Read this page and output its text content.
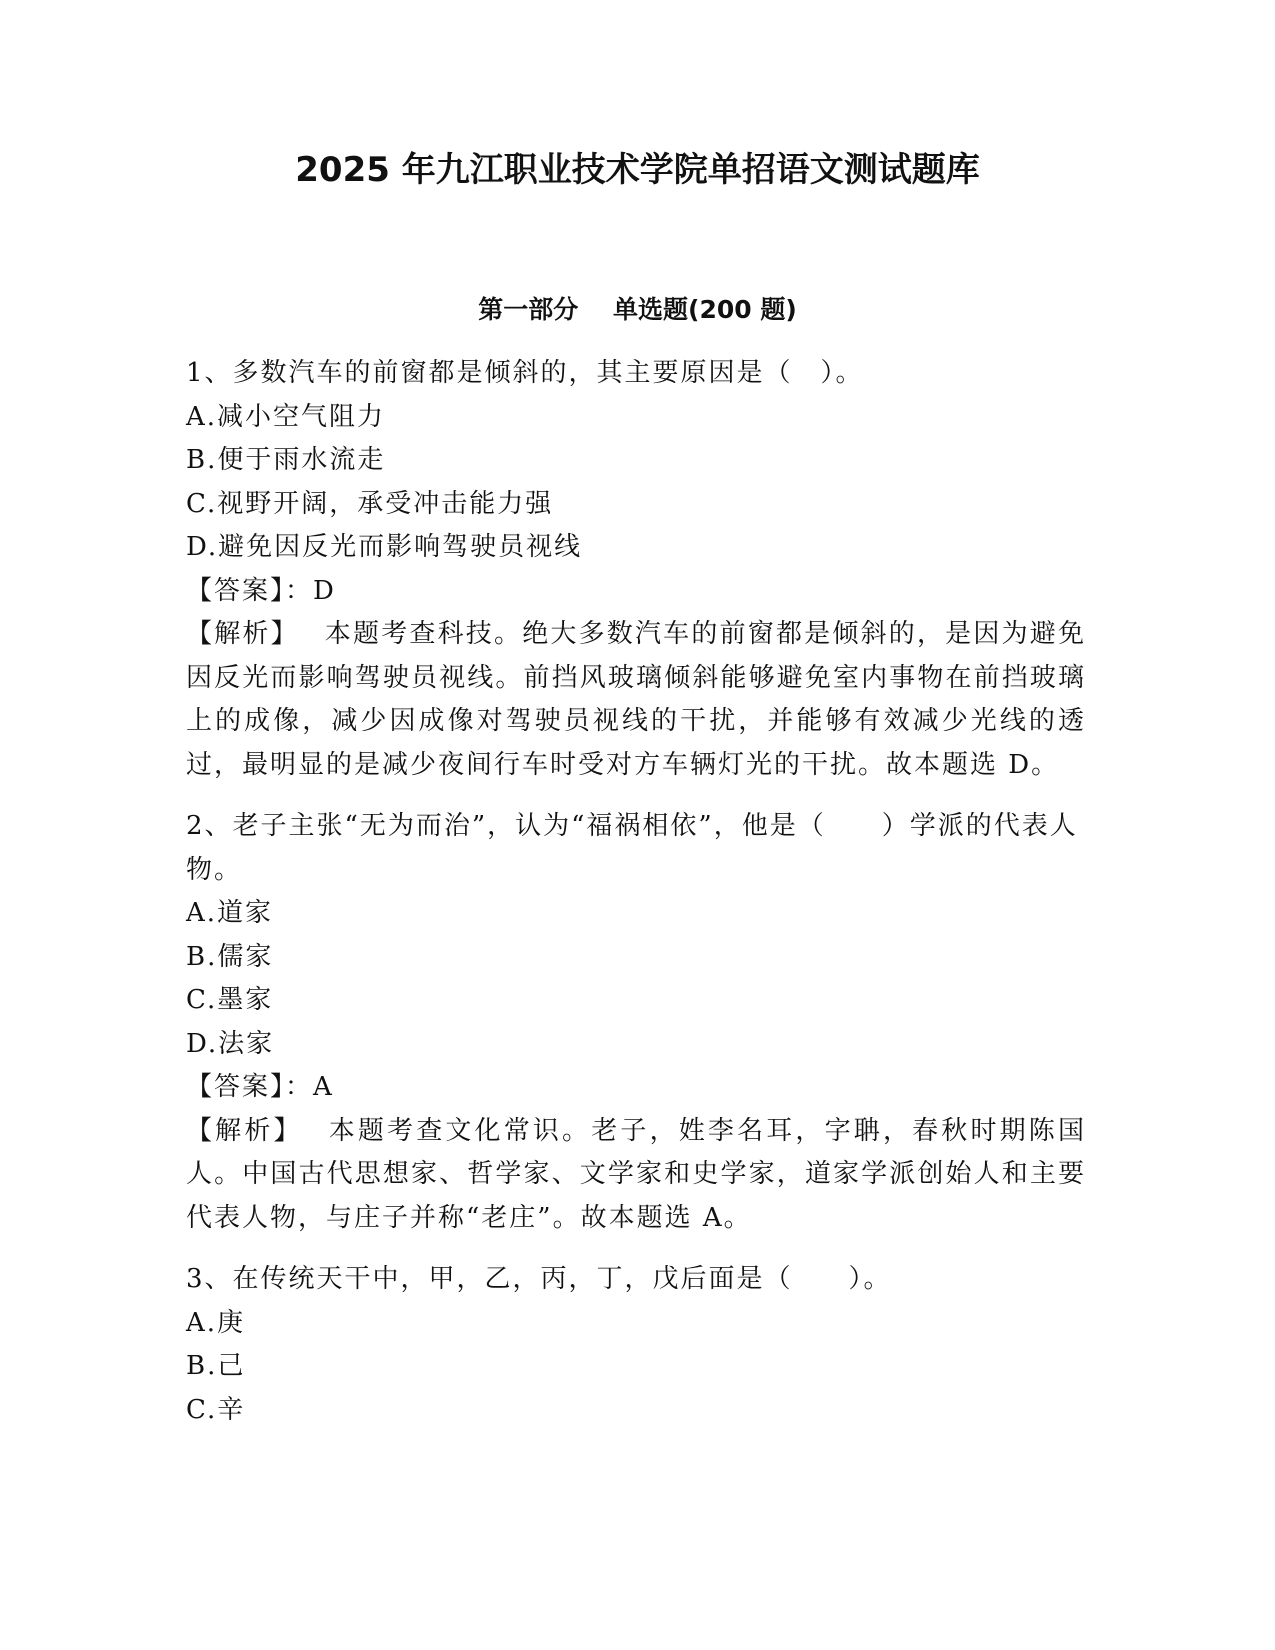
2025 年九江职业技术学院单招语文测试题库
第一部分    单选题(200 题)

1、多数汽车的前窗都是倾斜的，其主要原因是（　）。

A.减小空气阻力

B.便于雨水流走

C.视野开阔，承受冲击能力强

D.避免因反光而影响驾驶员视线

【答案】：D

【解析】 本题考查科技。绝大多数汽车的前窗都是倾斜的，是因为避免因反光而影响驾驶员视线。前挡风玻璃倾斜能够避免室内事物在前挡玻璃上的成像，减少因成像对驾驶员视线的干扰，并能够有效减少光线的透过，最明显的是减少夜间行车时受对方车辆灯光的干扰。故本题选 D。

2、老子主张“无为而治”，认为“福祸相依”，他是（　　）学派的代表人物。

A.道家

B.儒家

C.墨家

D.法家

【答案】：A

【解析】 本题考查文化常识。老子，姓李名耳，字聃，春秋时期陈国人。中国古代思想家、哲学家、文学家和史学家，道家学派创始人和主要代表人物，与庄子并称“老庄”。故本题选 A。

3、在传统天干中，甲，乙，丙，丁，戊后面是（　　）。

A.庚

B.己

C.辛
